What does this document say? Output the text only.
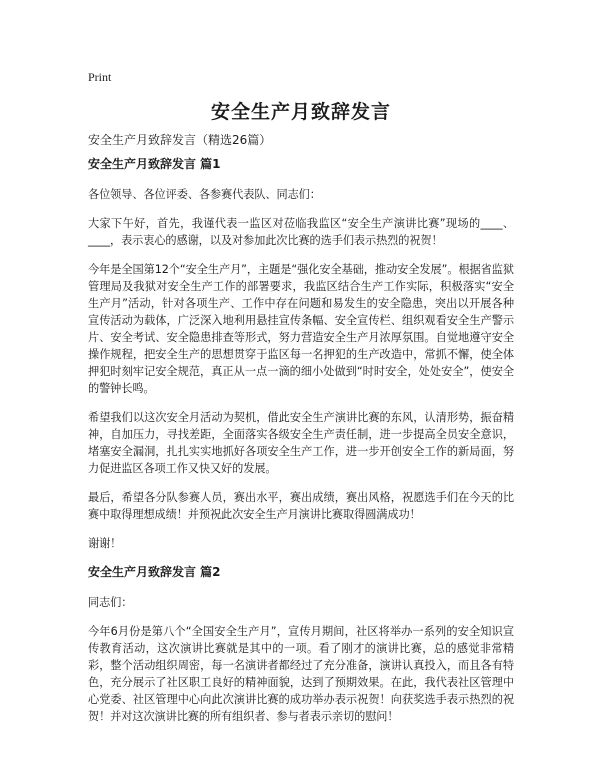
Print
安全生产月致辞发言

安全生产月致辞发言（精选26篇）

安全生产月致辞发言 篇1

各位领导、各位评委、各参赛代表队、同志们：

大家下午好，首先，我谨代表一监区对莅临我监区“安全生产演讲比赛”现场的____、____，表示衷心的感谢，以及对参加此次比赛的选手们表示热烈的祝贺！

今年是全国第12个“安全生产月”，主题是“强化安全基础，推动安全发展”。根据省监狱管理局及我狱对安全生产工作的部署要求，我监区结合生产工作实际，积极落实“安全生产月”活动，针对各项生产、工作中存在问题和易发生的安全隐患，突出以开展各种宣传活动为载体，广泛深入地利用悬挂宣传条幅、安全宣传栏、组织观看安全生产警示片、安全考试、安全隐患排查等形式，努力营造安全生产月浓厚氛围。自觉地遵守安全操作规程，把安全生产的思想贯穿于监区每一名押犯的生产改造中，常抓不懈，使全体押犯时刻牢记安全规范，真正从一点一滴的细小处做到“时时安全，处处安全”，使安全的警钟长鸣。

希望我们以这次安全月活动为契机，借此安全生产演讲比赛的东风，认清形势，振奋精神，自加压力，寻找差距，全面落实各级安全生产责任制，进一步提高全员安全意识，堵塞安全漏洞，扎扎实实地抓好各项安全生产工作，进一步开创安全工作的新局面，努力促进监区各项工作又快又好的发展。

最后，希望各分队参赛人员，赛出水平，赛出成绩，赛出风格，祝愿选手们在今天的比赛中取得理想成绩！并预祝此次安全生产月演讲比赛取得圆满成功！

谢谢！

安全生产月致辞发言 篇2

同志们：

今年6月份是第八个“全国安全生产月”，宣传月期间，社区将举办一系列的安全知识宣传教育活动，这次演讲比赛就是其中的一项。看了刚才的演讲比赛，总的感觉非常精彩，整个活动组织周密，每一名演讲者都经过了充分准备，演讲认真投入，而且各有特色，充分展示了社区职工良好的精神面貌，达到了预期效果。在此，我代表社区管理中心党委、社区管理中心向此次演讲比赛的成功举办表示祝贺！向获奖选手表示热烈的祝贺！并对这次演讲比赛的所有组织者、参与者表示亲切的慰问！
